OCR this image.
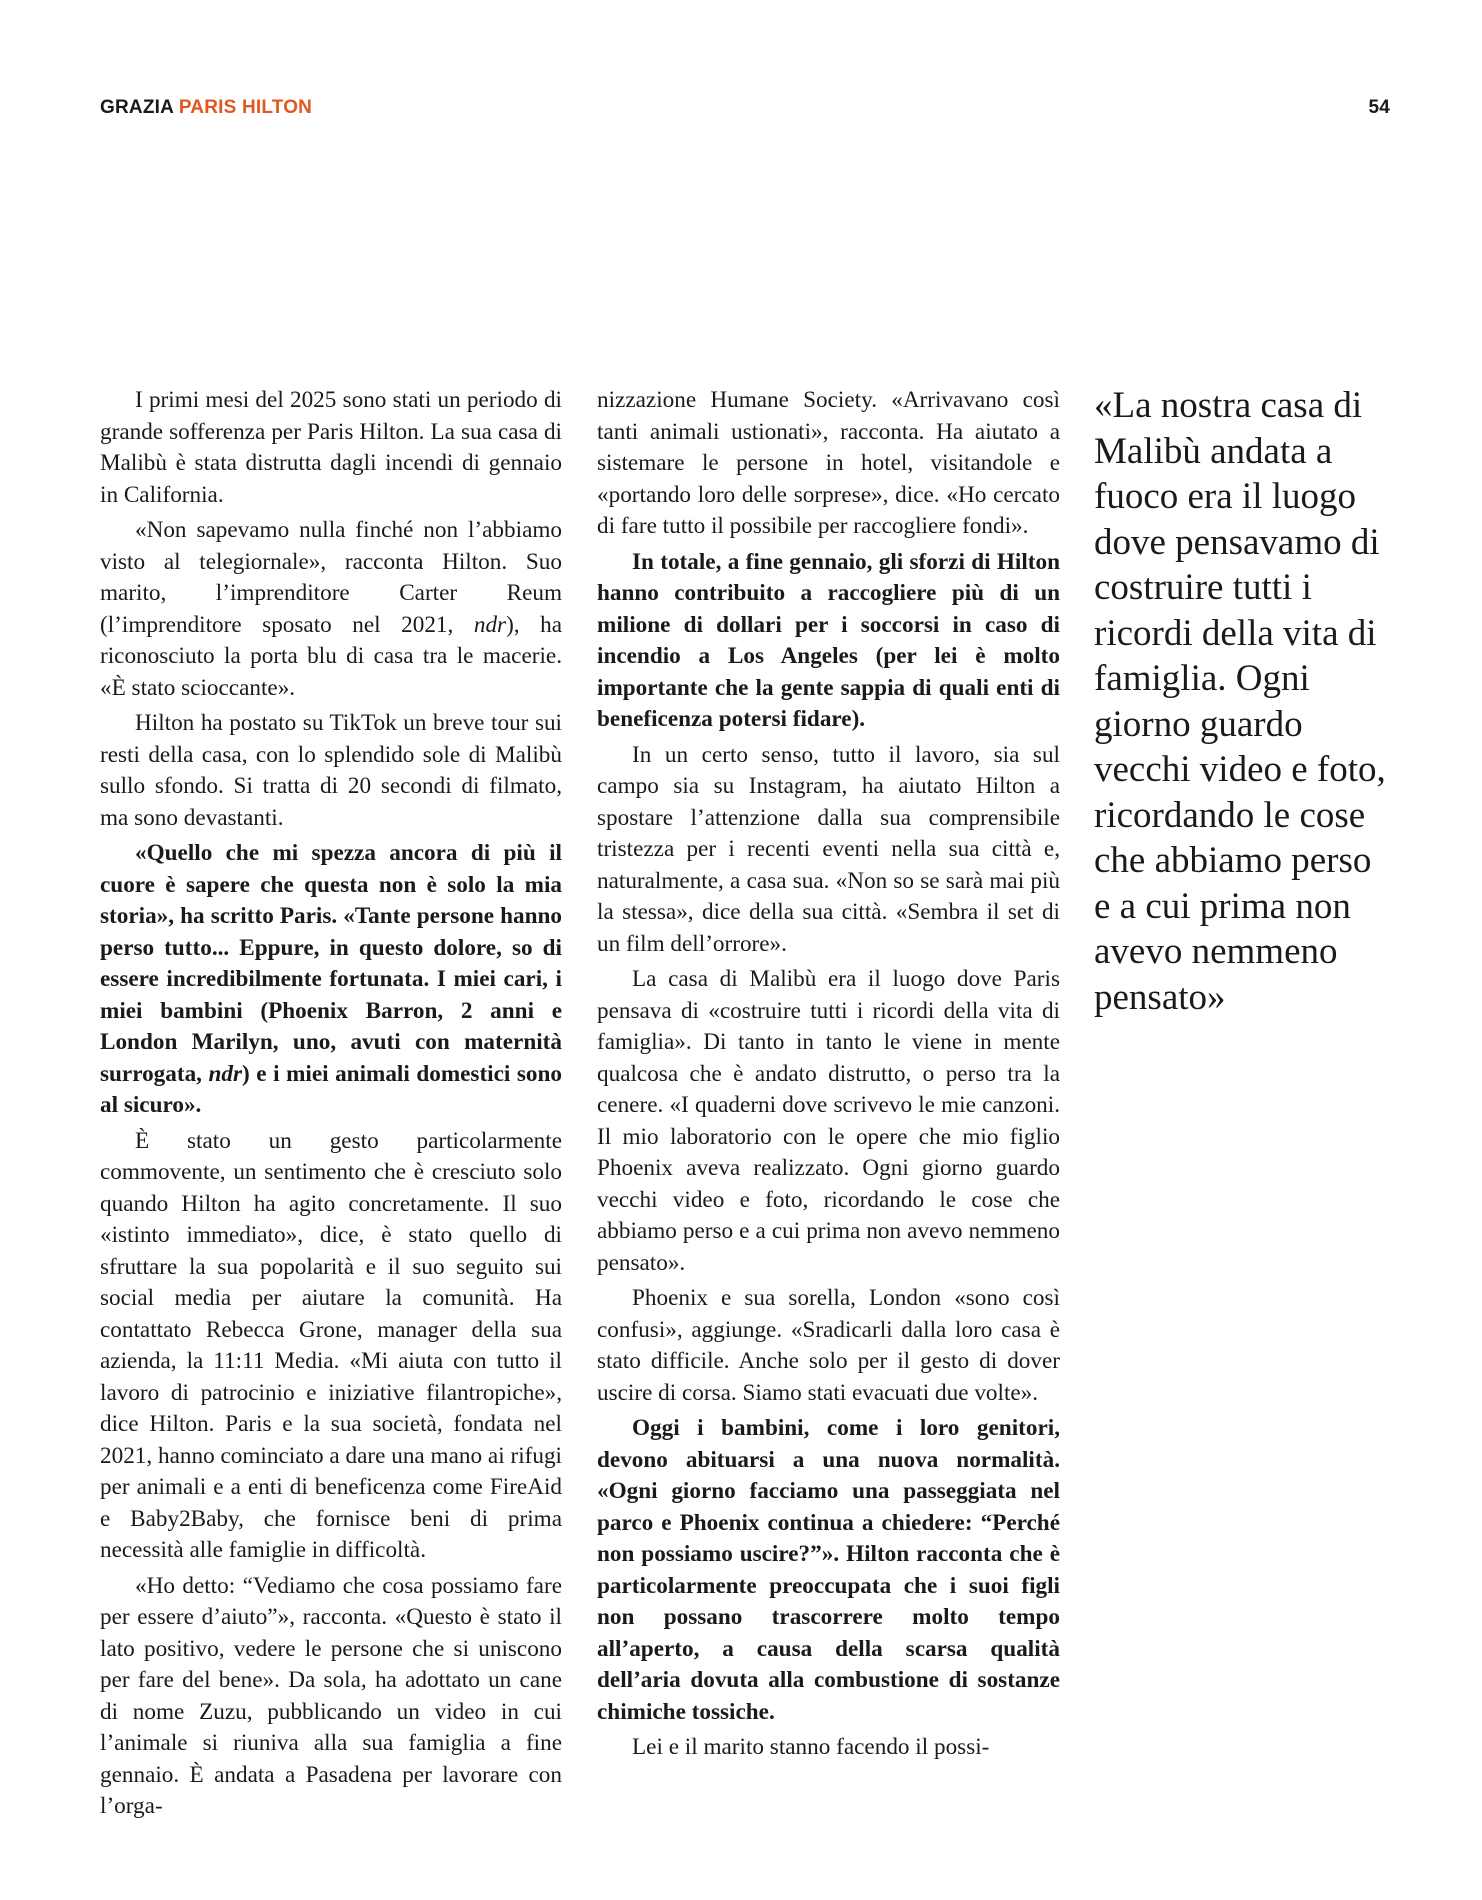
GRAZIA PARIS HILTON	54

I primi mesi del 2025 sono stati un periodo di grande sofferenza per Paris Hilton. La sua casa di Malibù è stata distrutta dagli incendi di gennaio in California.

«Non sapevamo nulla finché non l’abbiamo visto al telegiornale», racconta Hilton. Suo marito, l’imprenditore Carter Reum (l’imprenditore sposato nel 2021, ndr), ha riconosciuto la porta blu di casa tra le macerie. «È stato scioccante».

Hilton ha postato su TikTok un breve tour sui resti della casa, con lo splendido sole di Malibù sullo sfondo. Si tratta di 20 secondi di filmato, ma sono devastanti.

«Quello che mi spezza ancora di più il cuore è sapere che questa non è solo la mia storia», ha scritto Paris. «Tante persone hanno perso tutto... Eppure, in questo dolore, so di essere incredibilmente fortunata. I miei cari, i miei bambini (Phoenix Barron, 2 anni e London Marilyn, uno, avuti con maternità surrogata, ndr) e i miei animali domestici sono al sicuro».

È stato un gesto particolarmente commovente, un sentimento che è cresciuto solo quando Hilton ha agito concretamente. Il suo «istinto immediato», dice, è stato quello di sfruttare la sua popolarità e il suo seguito sui social media per aiutare la comunità. Ha contattato Rebecca Grone, manager della sua azienda, la 11:11 Media. «Mi aiuta con tutto il lavoro di patrocinio e iniziative filantropiche», dice Hilton. Paris e la sua società, fondata nel 2021, hanno cominciato a dare una mano ai rifugi per animali e a enti di beneficenza come FireAid e Baby2Baby, che fornisce beni di prima necessità alle famiglie in difficoltà.

«Ho detto: “Vediamo che cosa possiamo fare per essere d’aiuto”», racconta. «Questo è stato il lato positivo, vedere le persone che si uniscono per fare del bene». Da sola, ha adottato un cane di nome Zuzu, pubblicando un video in cui l’animale si riuniva alla sua famiglia a fine gennaio. È andata a Pasadena per lavorare con l’orga-

nizzazione Humane Society. «Arrivavano così tanti animali ustionati», racconta. Ha aiutato a sistemare le persone in hotel, visitandole e «portando loro delle sorprese», dice. «Ho cercato di fare tutto il possibile per raccogliere fondi».

In totale, a fine gennaio, gli sforzi di Hilton hanno contribuito a raccogliere più di un milione di dollari per i soccorsi in caso di incendio a Los Angeles (per lei è molto importante che la gente sappia di quali enti di beneficenza potersi fidare).

In un certo senso, tutto il lavoro, sia sul campo sia su Instagram, ha aiutato Hilton a spostare l’attenzione dalla sua comprensibile tristezza per i recenti eventi nella sua città e, naturalmente, a casa sua. «Non so se sarà mai più la stessa», dice della sua città. «Sembra il set di un film dell’orrore».

La casa di Malibù era il luogo dove Paris pensava di «costruire tutti i ricordi della vita di famiglia». Di tanto in tanto le viene in mente qualcosa che è andato distrutto, o perso tra la cenere. «I quaderni dove scrivevo le mie canzoni. Il mio laboratorio con le opere che mio figlio Phoenix aveva realizzato. Ogni giorno guardo vecchi video e foto, ricordando le cose che abbiamo perso e a cui prima non avevo nemmeno pensato».

Phoenix e sua sorella, London «sono così confusi», aggiunge. «Sradicarli dalla loro casa è stato difficile. Anche solo per il gesto di dover uscire di corsa. Siamo stati evacuati due volte».

Oggi i bambini, come i loro genitori, devono abituarsi a una nuova normalità. «Ogni giorno facciamo una passeggiata nel parco e Phoenix continua a chiedere: “Perché non possiamo uscire?”». Hilton racconta che è particolarmente preoccupata che i suoi figli non possano trascorrere molto tempo all’aperto, a causa della scarsa qualità dell’aria dovuta alla combustione di sostanze chimiche tossiche.

Lei e il marito stanno facendo il possi-

«La nostra casa di Malibù andata a fuoco era il luogo dove pensavamo di costruire tutti i ricordi della vita di famiglia. Ogni giorno guardo vecchi video e foto, ricordando le cose che abbiamo perso e a cui prima non avevo nemmeno pensato»
